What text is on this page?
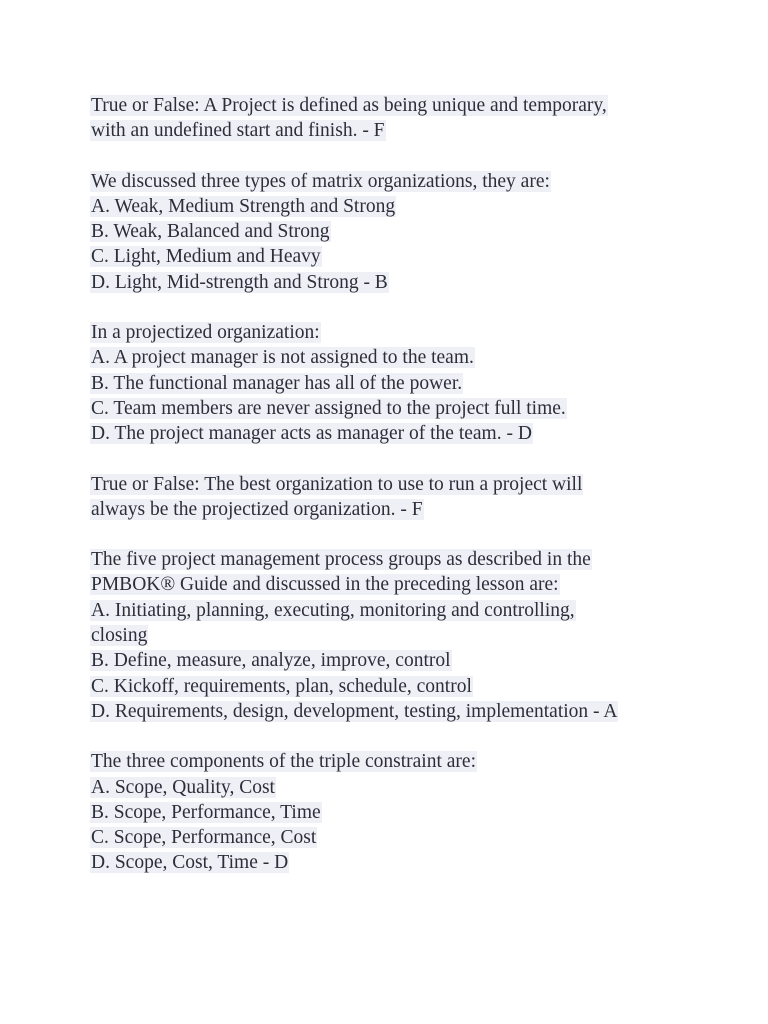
True or False: A Project is defined as being unique and temporary,
with an undefined start and finish. - F
We discussed three types of matrix organizations, they are:
A. Weak, Medium Strength and Strong
B. Weak, Balanced and Strong
C. Light, Medium and Heavy
D. Light, Mid-strength and Strong - B
In a projectized organization:
A. A project manager is not assigned to the team.
B. The functional manager has all of the power.
C. Team members are never assigned to the project full time.
D. The project manager acts as manager of the team. - D
True or False: The best organization to use to run a project will
always be the projectized organization. - F
The five project management process groups as described in the
PMBOK® Guide and discussed in the preceding lesson are:
A. Initiating, planning, executing, monitoring and controlling,
closing
B. Define, measure, analyze, improve, control
C. Kickoff, requirements, plan, schedule, control
D. Requirements, design, development, testing, implementation - A
The three components of the triple constraint are:
A. Scope, Quality, Cost
B. Scope, Performance, Time
C. Scope, Performance, Cost
D. Scope, Cost, Time - D
